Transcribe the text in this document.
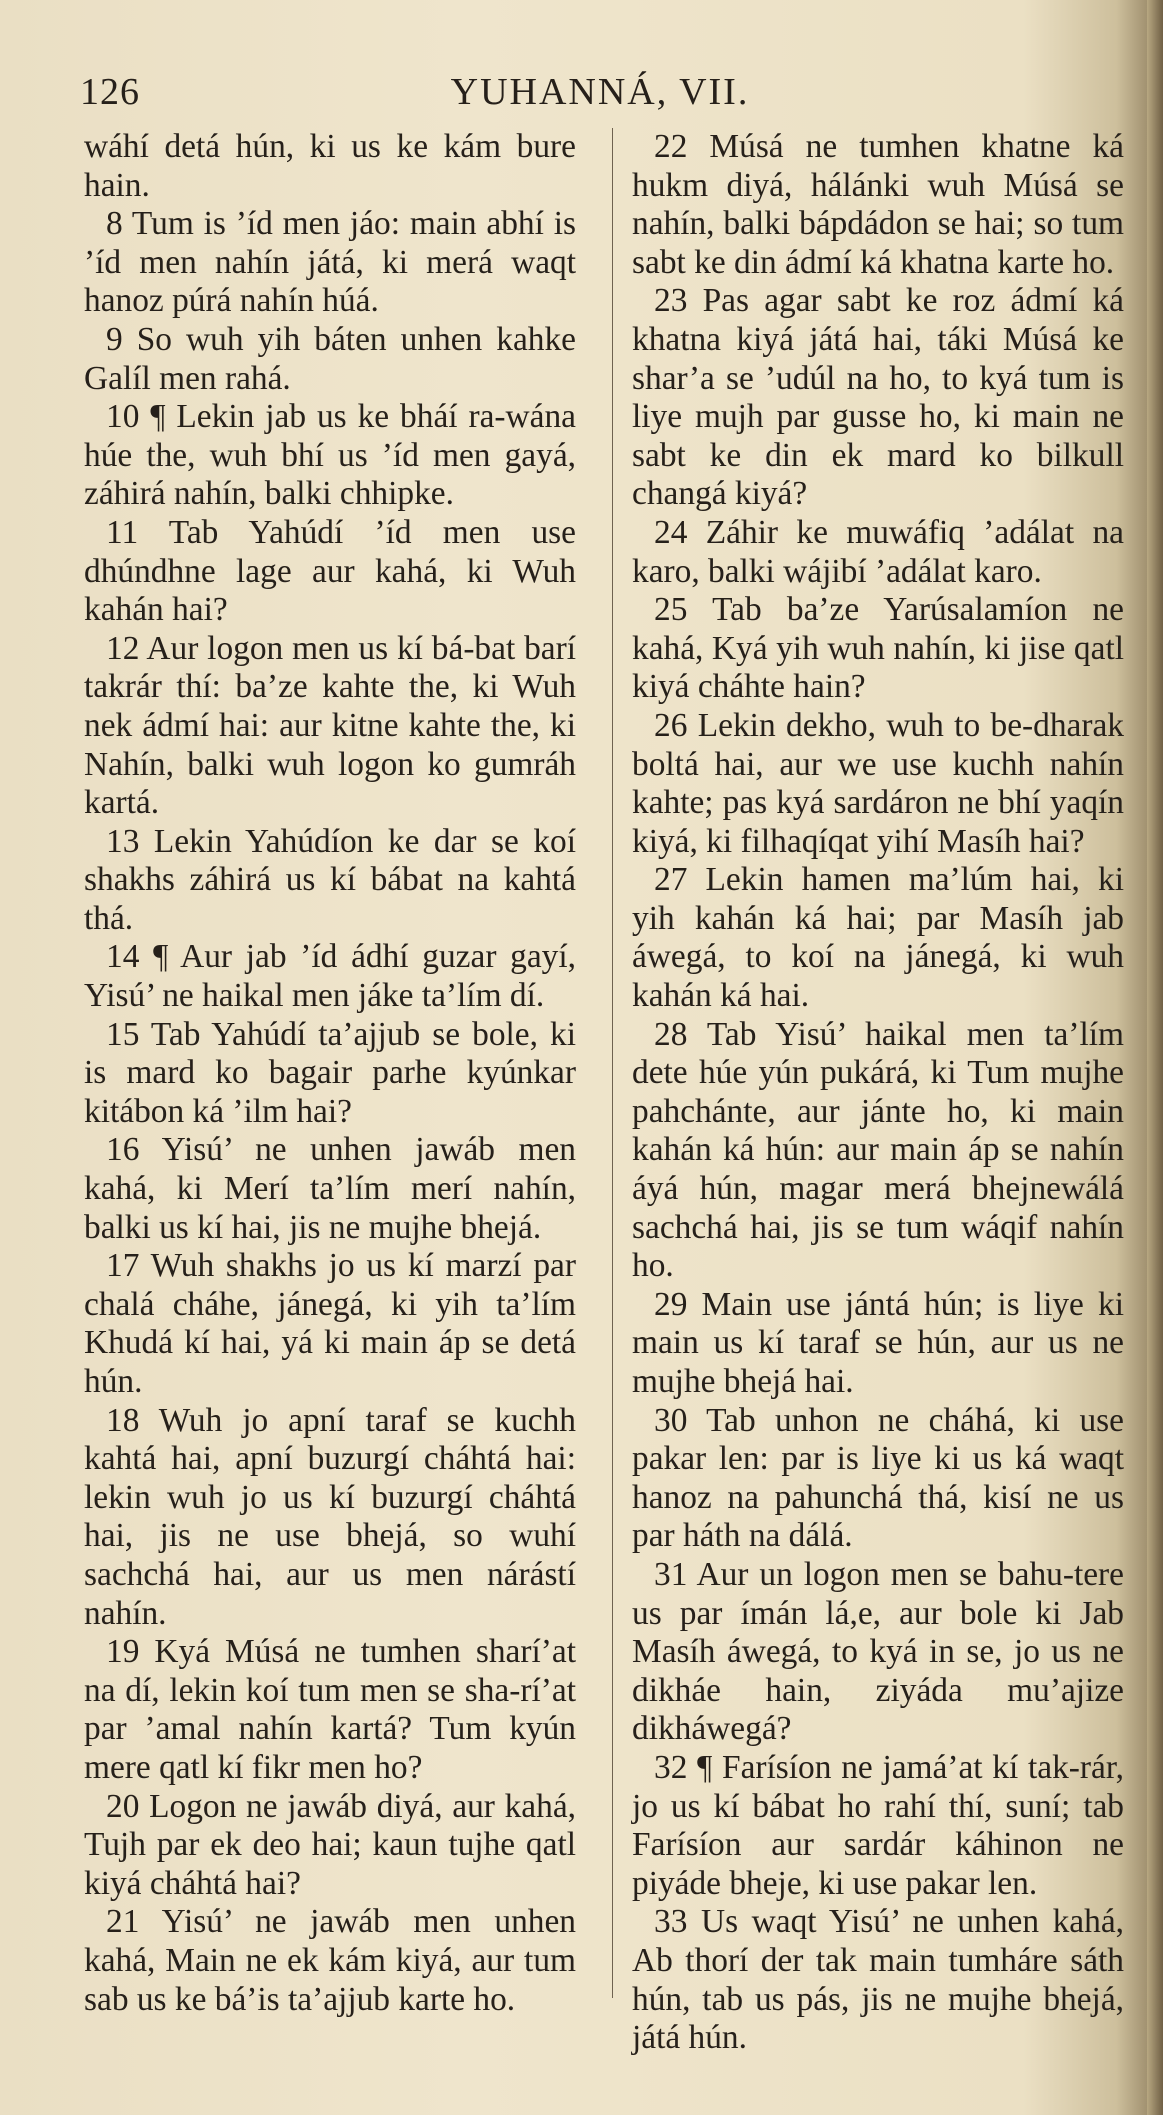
YUHANNÁ, VII.
126

wáhí detá hún, ki us ke kám bure hain.

8 Tum is ’íd men jáo: main abhí is ’íd men nahín játá, ki merá waqt hanoz púrá nahín húá.

9 So wuh yih báten unhen kahke Galíl men rahá.

10 ¶ Lekin jab us ke bháí ra-wána húe the, wuh bhí us ’íd men gayá, záhirá nahín, balki chhipke.

11 Tab Yahúdí ’íd men use dhúndhne lage aur kahá, ki Wuh kahán hai?

12 Aur logon men us kí bá-bat barí takrár thí: ba’ze kahte the, ki Wuh nek ádmí hai: aur kitne kahte the, ki Nahín, balki wuh logon ko gumráh kartá.

13 Lekin Yahúdíon ke dar se koí shakhs záhirá us kí bábat na kahtá thá.

14 ¶ Aur jab ’íd ádhí guzar gayí, Yisú’ ne haikal men jáke ta’lím dí.

15 Tab Yahúdí ta’ajjub se bole, ki is mard ko bagair parhe kyúnkar kitábon ká ’ilm hai?

16 Yisú’ ne unhen jawáb men kahá, ki Merí ta’lím merí nahín, balki us kí hai, jis ne mujhe bhejá.

17 Wuh shakhs jo us kí marzí par chalá cháhe, jánegá, ki yih ta’lím Khudá kí hai, yá ki main áp se detá hún.

18 Wuh jo apní taraf se kuchh kahtá hai, apní buzurgí cháhtá hai: lekin wuh jo us kí buzurgí cháhtá hai, jis ne use bhejá, so wuhí sachchá hai, aur us men nárástí nahín.

19 Kyá Músá ne tumhen sharí’at na dí, lekin koí tum men se sha-rí’at par ’amal nahín kartá? Tum kyún mere qatl kí fikr men ho?

20 Logon ne jawáb diyá, aur kahá, Tujh par ek deo hai; kaun tujhe qatl kiyá cháhtá hai?

21 Yisú’ ne jawáb men unhen kahá, Main ne ek kám kiyá, aur tum sab us ke bá’is ta’ajjub karte ho.

22 Músá ne tumhen khatne ká hukm diyá, hálánki wuh Músá se nahín, balki bápdádon se hai; so tum sabt ke din ádmí ká khatna karte ho.

23 Pas agar sabt ke roz ádmí ká khatna kiyá játá hai, táki Músá ke shar’a se ’udúl na ho, to kyá tum is liye mujh par gusse ho, ki main ne sabt ke din ek mard ko bilkull changá kiyá?

24 Záhir ke muwáfiq ’adálat na karo, balki wájibí ’adálat karo.

25 Tab ba’ze Yarúsalamíon ne kahá, Kyá yih wuh nahín, ki jise qatl kiyá cháhte hain?

26 Lekin dekho, wuh to be-dharak boltá hai, aur we use kuchh nahín kahte; pas kyá sardáron ne bhí yaqín kiyá, ki filhaqíqat yihí Masíh hai?

27 Lekin hamen ma’lúm hai, ki yih kahán ká hai; par Masíh jab áwegá, to koí na jánegá, ki wuh kahán ká hai.

28 Tab Yisú’ haikal men ta’lím dete húe yún pukárá, ki Tum mujhe pahchánte, aur jánte ho, ki main kahán ká hún: aur main áp se nahín áyá hún, magar merá bhejnewálá sachchá hai, jis se tum wáqif nahín ho.

29 Main use jántá hún; is liye ki main us kí taraf se hún, aur us ne mujhe bhejá hai.

30 Tab unhon ne cháhá, ki use pakar len: par is liye ki us ká waqt hanoz na pahunchá thá, kisí ne us par háth na dálá.

31 Aur un logon men se bahu-tere us par ímán lá,e, aur bole ki Jab Masíh áwegá, to kyá in se, jo us ne dikháe hain, ziyáda mu’ajize dikháwegá?

32 ¶ Farísíon ne jamá’at kí tak-rár, jo us kí bábat ho rahí thí, suní; tab Farísíon aur sardár káhinon ne piyáde bheje, ki use pakar len.

33 Us waqt Yisú’ ne unhen kahá, Ab thorí der tak main tumháre sáth hún, tab us pás, jis ne mujhe bhejá, játá hún.
